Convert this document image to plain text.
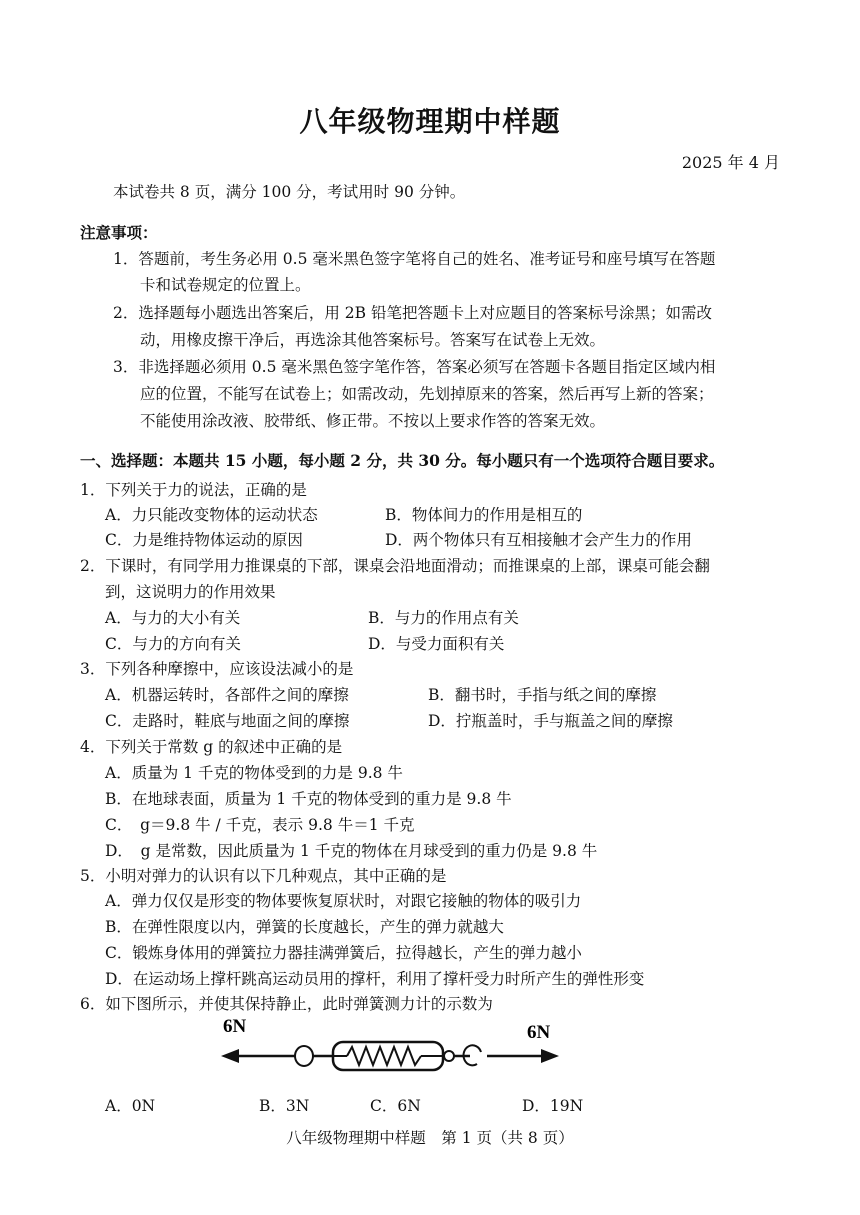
八年级物理期中样题
2025 年 4 月
本试卷共 8 页，满分 100 分，考试用时 90 分钟。
注意事项：
1．答题前，考生务必用 0.5 毫米黑色签字笔将自己的姓名、准考证号和座号填写在答题
卡和试卷规定的位置上。
2．选择题每小题选出答案后，用 2B 铅笔把答题卡上对应题目的答案标号涂黑；如需改
动，用橡皮擦干净后，再选涂其他答案标号。答案写在试卷上无效。
3．非选择题必须用 0.5 毫米黑色签字笔作答，答案必须写在答题卡各题目指定区域内相
应的位置，不能写在试卷上；如需改动，先划掉原来的答案，然后再写上新的答案；
不能使用涂改液、胶带纸、修正带。不按以上要求作答的答案无效。
一、选择题：本题共 15 小题，每小题 2 分，共 30 分。每小题只有一个选项符合题目要求。
1．下列关于力的说法，正确的是
A．力只能改变物体的运动状态	B．物体间力的作用是相互的
C．力是维持物体运动的原因	D．两个物体只有互相接触才会产生力的作用
2．下课时，有同学用力推课桌的下部，课桌会沿地面滑动；而推课桌的上部，课桌可能会翻
到，这说明力的作用效果
A．与力的大小有关	B．与力的作用点有关
C．与力的方向有关	D．与受力面积有关
3．下列各种摩擦中，应该设法减小的是
A．机器运转时，各部件之间的摩擦	B．翻书时，手指与纸之间的摩擦
C．走路时，鞋底与地面之间的摩擦	D．拧瓶盖时，手与瓶盖之间的摩擦
4．下列关于常数 g 的叙述中正确的是
A．质量为 1 千克的物体受到的力是 9.8 牛
B．在地球表面，质量为 1 千克的物体受到的重力是 9.8 牛
C．　g＝9.8 牛 / 千克，表示 9.8 牛＝1 千克
D．　g 是常数，因此质量为 1 千克的物体在月球受到的重力仍是 9.8 牛
5．小明对弹力的认识有以下几种观点，其中正确的是
A．弹力仅仅是形变的物体要恢复原状时，对跟它接触的物体的吸引力
B．在弹性限度以内，弹簧的长度越长，产生的弹力就越大
C．锻炼身体用的弹簧拉力器挂满弹簧后，拉得越长，产生的弹力越小
D．在运动场上撑杆跳高运动员用的撑杆，利用了撑杆受力时所产生的弹性形变
6．如下图所示，并使其保持静止，此时弹簧测力计的示数为
6N	6N
A．0N	B．3N	C．6N	D．19N
八年级物理期中样题　第 1 页（共 8 页）
